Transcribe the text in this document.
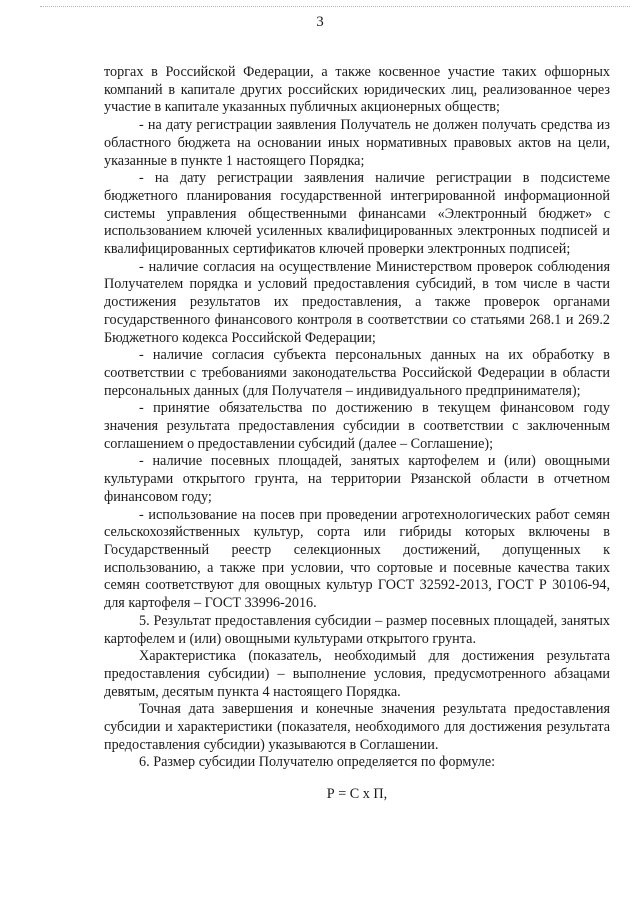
3

торгах в Российской Федерации, а также косвенное участие таких офшорных компаний в капитале других российских юридических лиц, реализованное через участие в капитале указанных публичных акционерных обществ;

- на дату регистрации заявления Получатель не должен получать средства из областного бюджета на основании иных нормативных правовых актов на цели, указанные в пункте 1 настоящего Порядка;

- на дату регистрации заявления наличие регистрации в подсистеме бюджетного планирования государственной интегрированной информационной системы управления общественными финансами «Электронный бюджет» с использованием ключей усиленных квалифицированных электронных подписей и квалифицированных сертификатов ключей проверки электронных подписей;

- наличие согласия на осуществление Министерством проверок соблюдения Получателем порядка и условий предоставления субсидий, в том числе в части достижения результатов их предоставления, а также проверок органами государственного финансового контроля в соответствии со статьями 268.1 и 269.2 Бюджетного кодекса Российской Федерации;

- наличие согласия субъекта персональных данных на их обработку в соответствии с требованиями законодательства Российской Федерации в области персональных данных (для Получателя – индивидуального предпринимателя);

- принятие обязательства по достижению в текущем финансовом году значения результата предоставления субсидии в соответствии с заключенным соглашением о предоставлении субсидий (далее – Соглашение);

- наличие посевных площадей, занятых картофелем и (или) овощными культурами открытого грунта, на территории Рязанской области в отчетном финансовом году;

- использование на посев при проведении агротехнологических работ семян сельскохозяйственных культур, сорта или гибриды которых включены в Государственный реестр селекционных достижений, допущенных к использованию, а также при условии, что сортовые и посевные качества таких семян соответствуют для овощных культур ГОСТ 32592-2013, ГОСТ Р 30106-94, для картофеля – ГОСТ 33996-2016.

5. Результат предоставления субсидии – размер посевных площадей, занятых картофелем и (или) овощными культурами открытого грунта.

Характеристика (показатель, необходимый для достижения результата предоставления субсидии) – выполнение условия, предусмотренного абзацами девятым, десятым пункта 4 настоящего Порядка.

Точная дата завершения и конечные значения результата предоставления субсидии и характеристики (показателя, необходимого для достижения результата предоставления субсидии) указываются в Соглашении.

6. Размер субсидии Получателю определяется по формуле:

Р = С х П,
